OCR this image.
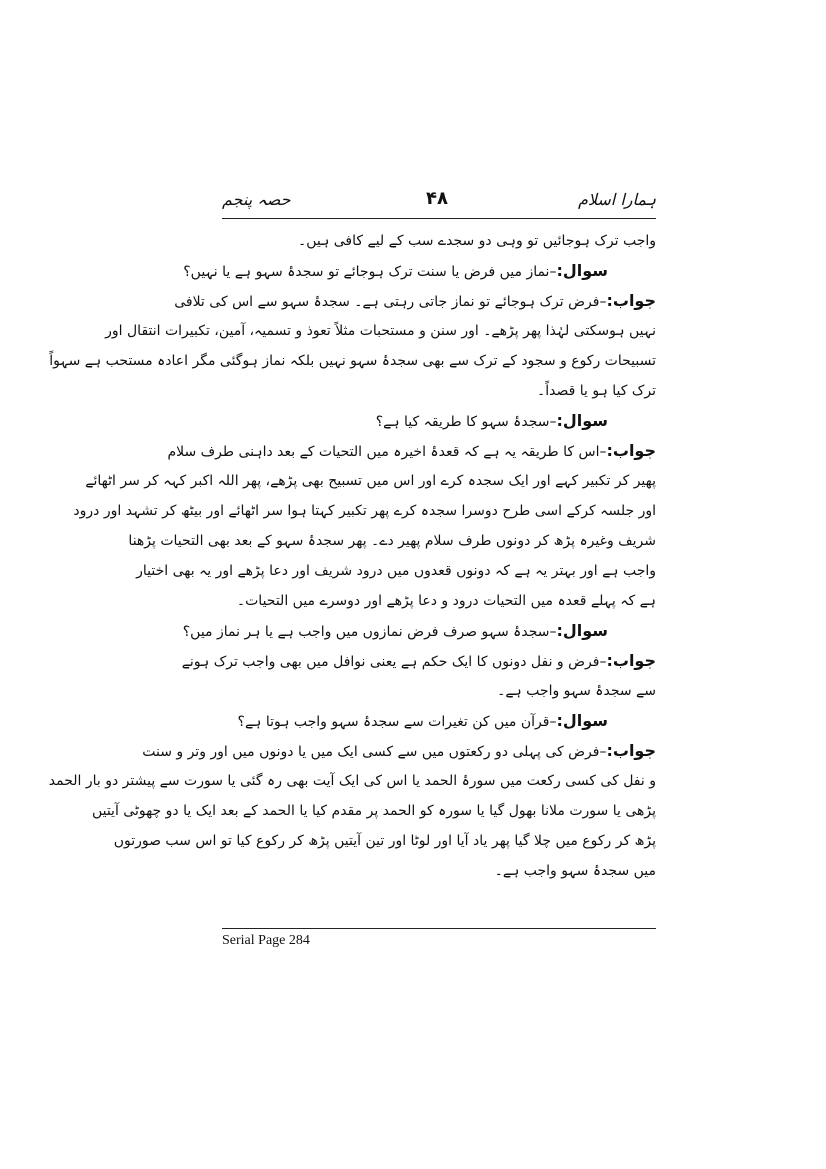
ہمارا اسلام
۴۸
حصہ پنجم
واجب ترک ہوجائیں تو وہی دو سجدے سب کے لیے کافی ہیں۔
سوال:–نماز میں فرض یا سنت ترک ہوجائے تو سجدۂ سہو ہے یا نہیں؟
جواب:–فرض ترک ہوجائے تو نماز جاتی رہتی ہے۔ سجدۂ سہو سے اس کی تلافی
نہیں ہوسکتی لہٰذا پھر پڑھے۔ اور سنن و مستحبات مثلاً تعوذ و تسمیہ، آمین، تکبیرات انتقال اور
تسبیحات رکوع و سجود کے ترک سے بھی سجدۂ سہو نہیں بلکہ نماز ہوگئی مگر اعادہ مستحب ہے سہواً
ترک کیا ہو یا قصداً۔
سوال:–سجدۂ سہو کا طریقہ کیا ہے؟
جواب:–اس کا طریقہ یہ ہے کہ قعدۂ اخیرہ میں التحیات کے بعد داہنی طرف سلام
پھیر کر تکبیر کہے اور ایک سجدہ کرے اور اس میں تسبیح بھی پڑھے، پھر اللہ اکبر کہہ کر سر اٹھائے
اور جلسہ کرکے اسی طرح دوسرا سجدہ کرے پھر تکبیر کہتا ہوا سر اٹھائے اور بیٹھ کر تشہد اور درود
شریف وغیرہ پڑھ کر دونوں طرف سلام پھیر دے۔ پھر سجدۂ سہو کے بعد بھی التحیات پڑھنا
واجب ہے اور بہتر یہ ہے کہ دونوں قعدوں میں درود شریف اور دعا پڑھے اور یہ بھی اختیار
ہے کہ پہلے قعدہ میں التحیات درود و دعا پڑھے اور دوسرے میں التحیات۔
سوال:–سجدۂ سہو صرف فرض نمازوں میں واجب ہے یا ہر نماز میں؟
جواب:–فرض و نفل دونوں کا ایک حکم ہے یعنی نوافل میں بھی واجب ترک ہونے
سے سجدۂ سہو واجب ہے۔
سوال:–قرآن میں کن تغیرات سے سجدۂ سہو واجب ہوتا ہے؟
جواب:–فرض کی پہلی دو رکعتوں میں سے کسی ایک میں یا دونوں میں اور وتر و سنت
و نفل کی کسی رکعت میں سورۂ الحمد یا اس کی ایک آیت بھی رہ گئی یا سورت سے پیشتر دو بار الحمد
پڑھی یا سورت ملانا بھول گیا یا سورہ کو الحمد پر مقدم کیا یا الحمد کے بعد ایک یا دو چھوٹی آیتیں
پڑھ کر رکوع میں چلا گیا پھر یاد آیا اور لوٹا اور تین آیتیں پڑھ کر رکوع کیا تو اس سب صورتوں
میں سجدۂ سہو واجب ہے۔
Serial Page 284
